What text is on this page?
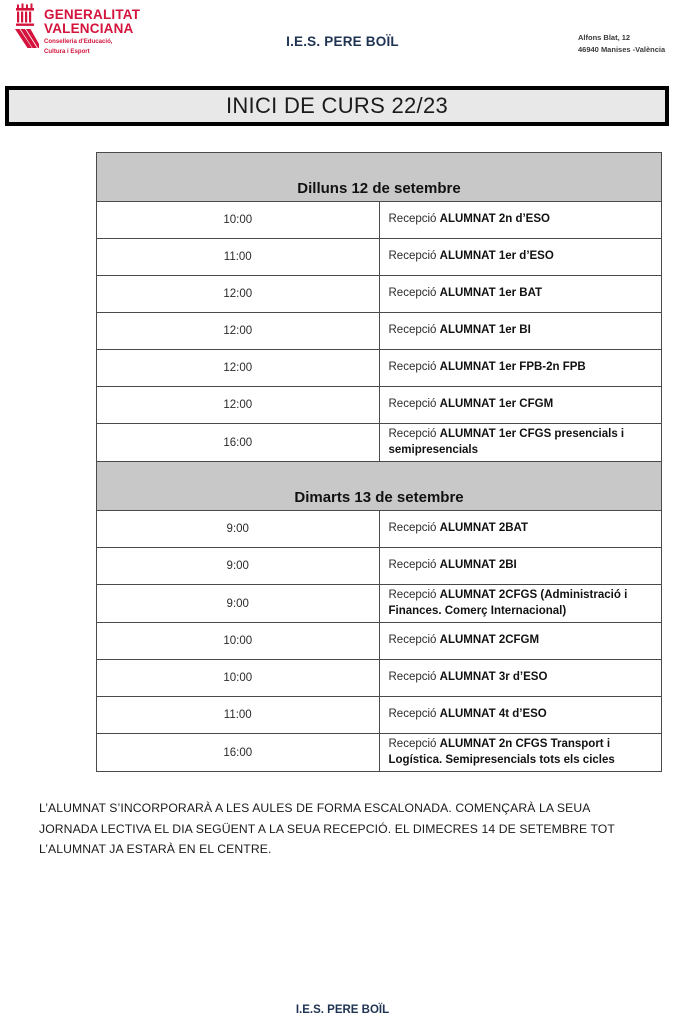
GENERALITAT
VALENCIANA
Conselleria d'Educació,
Cultura i Esport
I.E.S. PERE BOÏL	Alfons Blat, 12
46940 Manises -València
INICI DE CURS 22/23
Dilluns 12 de setembre	
10:00	Recepció ALUMNAT 2n d’ESO
11:00	Recepció ALUMNAT 1er d’ESO
12:00	Recepció ALUMNAT 1er BAT
12:00	Recepció ALUMNAT 1er BI
12:00	Recepció ALUMNAT 1er FPB-2n FPB
12:00	Recepció ALUMNAT 1er CFGM
16:00	Recepció ALUMNAT 1er CFGS presencials i semipresencials
Dimarts 13 de setembre	
9:00	Recepció ALUMNAT 2BAT
9:00	Recepció ALUMNAT 2BI
9:00	Recepció ALUMNAT 2CFGS (Administració i Finances. Comerç Internacional)
10:00	Recepció ALUMNAT 2CFGM
10:00	Recepció ALUMNAT 3r d’ESO
11:00	Recepció ALUMNAT 4t d’ESO
16:00	Recepció ALUMNAT 2n CFGS Transport i Logística. Semipresencials tots els cicles
L’ALUMNAT S’INCORPORARÀ A LES AULES DE FORMA ESCALONADA. COMENÇARÀ LA SEUA JORNADA LECTIVA EL DIA SEGÜENT A LA SEUA RECEPCIÓ. EL DIMECRES 14 DE SETEMBRE TOT L’ALUMNAT JA ESTARÀ EN EL CENTRE.
I.E.S. PERE BOÏL
